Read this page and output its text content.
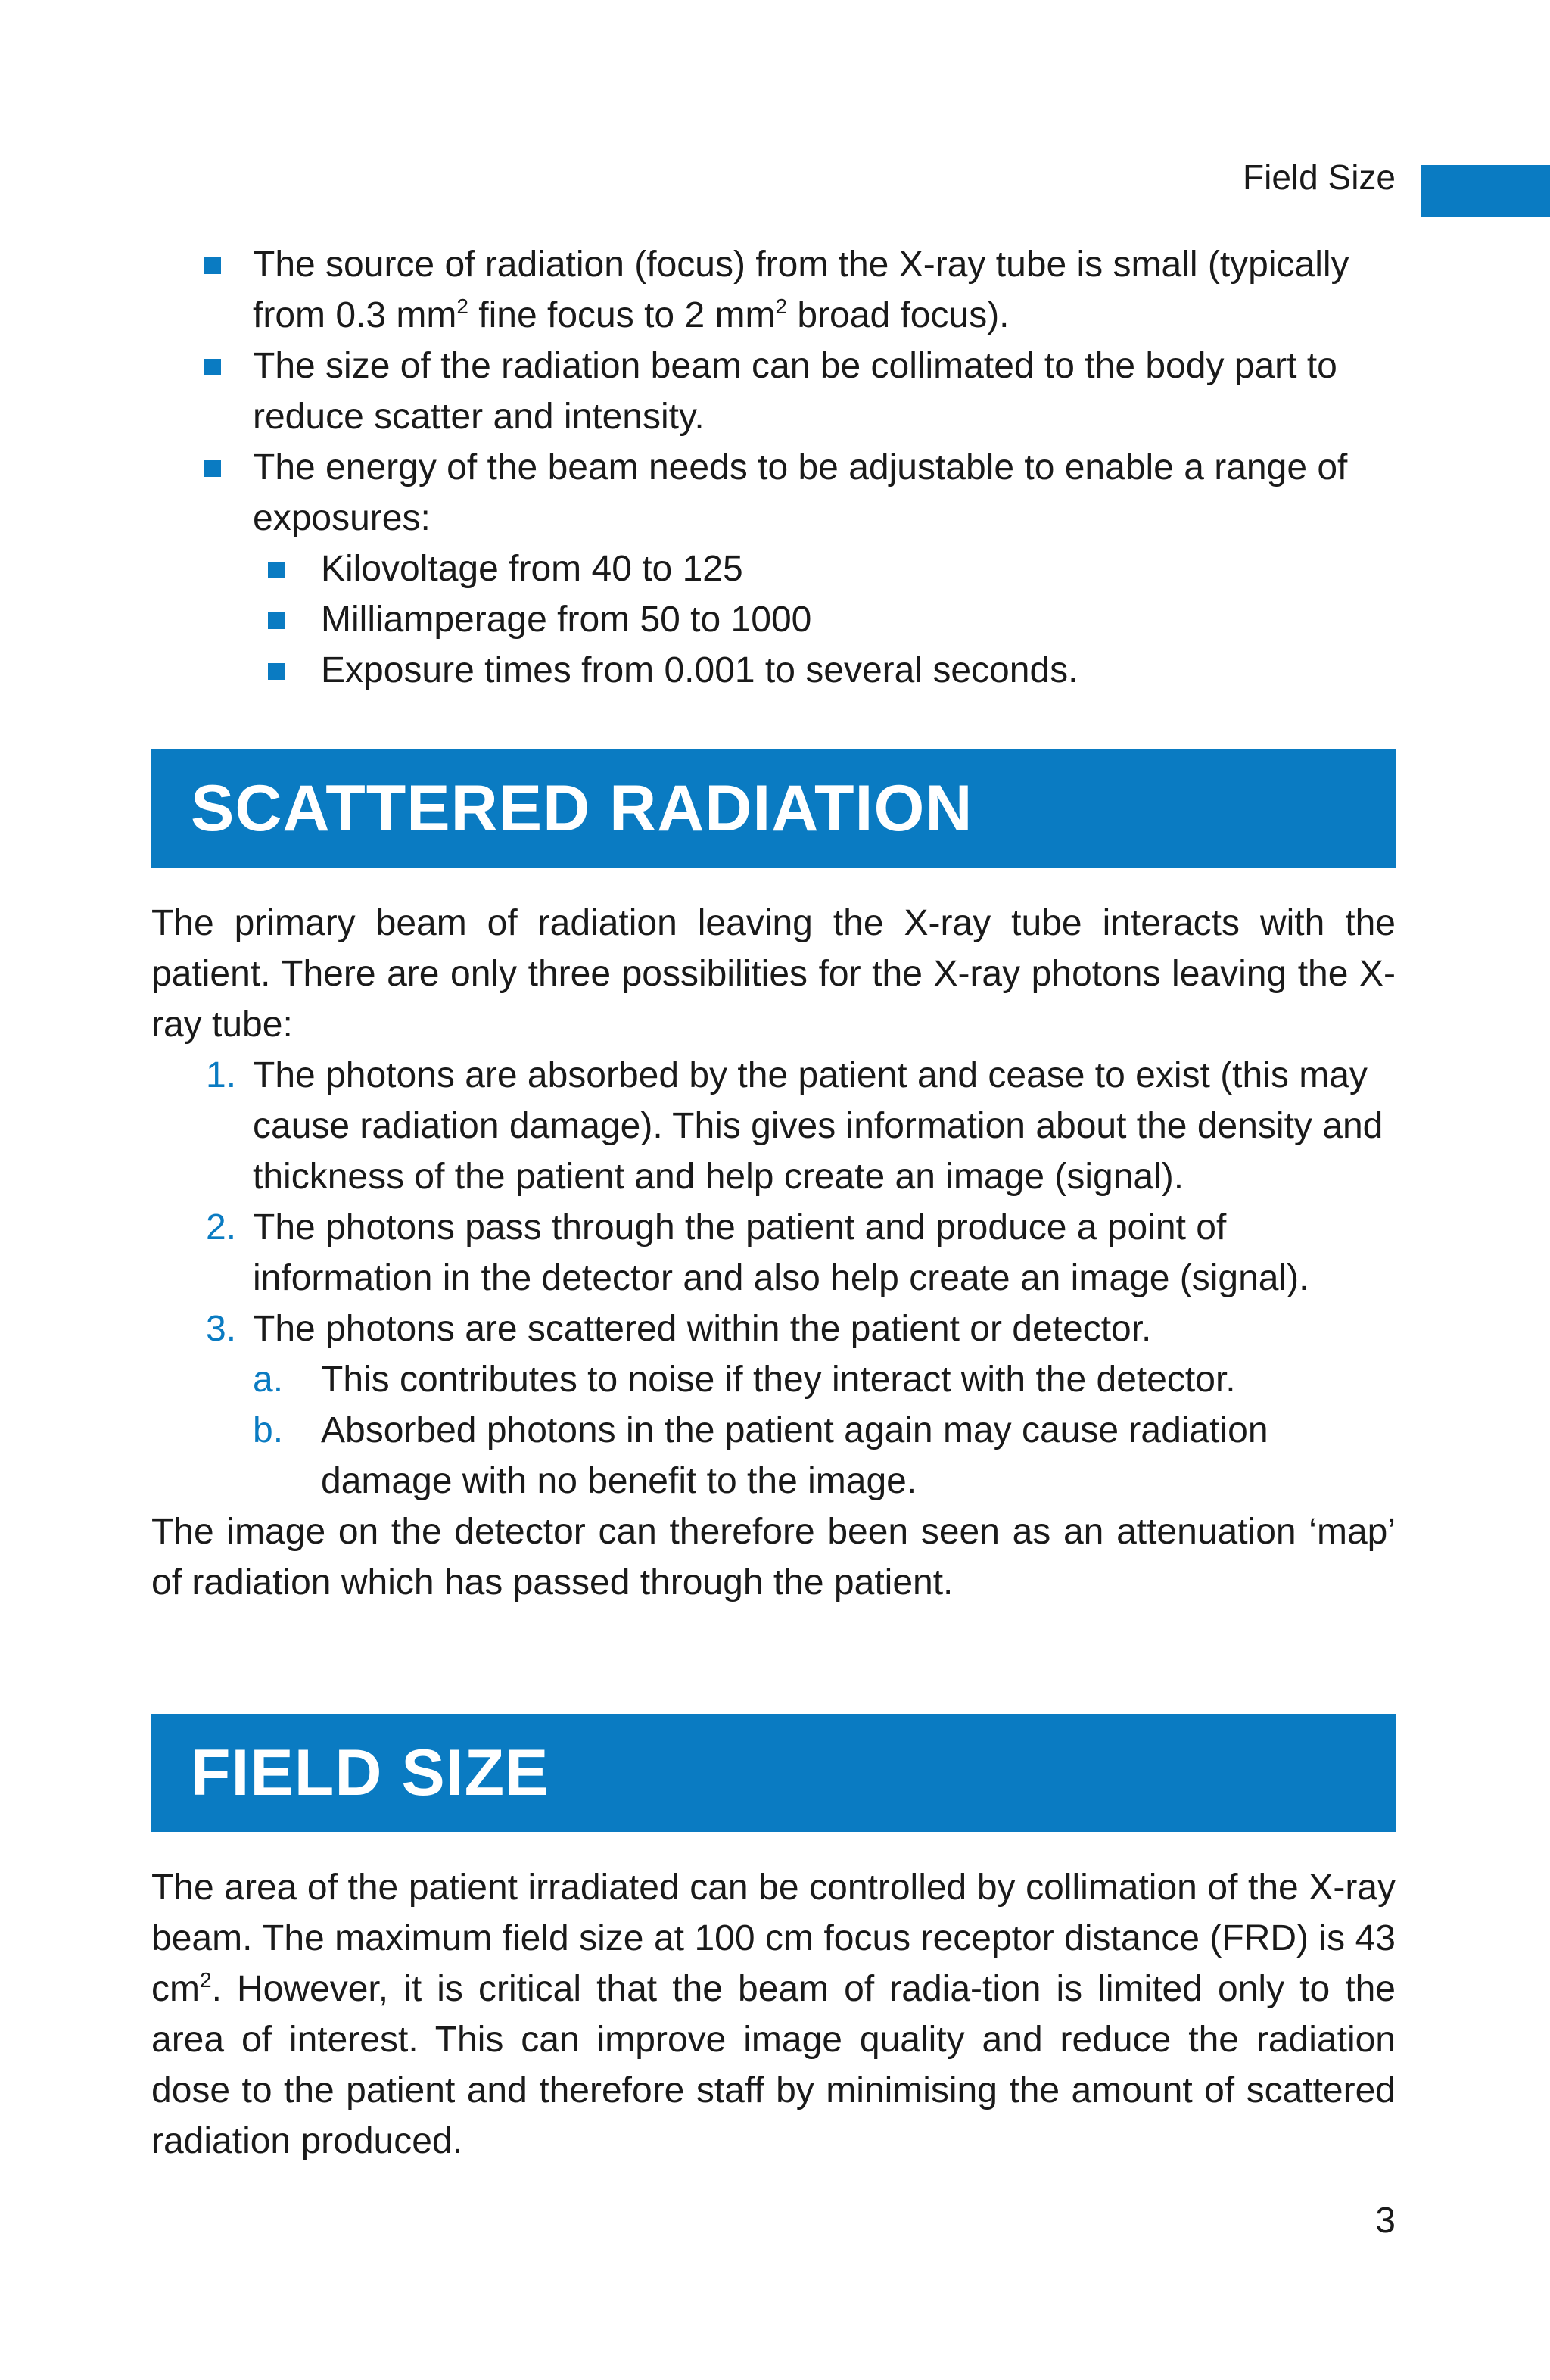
Field Size
The source of radiation (focus) from the X-ray tube is small (typically from 0.3 $mm^2$ fine focus to 2 $mm^2$ broad focus).
The size of the radiation beam can be collimated to the body part to reduce scatter and intensity.
The energy of the beam needs to be adjustable to enable a range of exposures:
Kilovoltage from 40 to 125
Milliamperage from 50 to 1000
Exposure times from 0.001 to several seconds.
SCATTERED RADIATION

The primary beam of radiation leaving the X-ray tube interacts with the patient. There are only three possibilities for the X-ray photons leaving the X-ray tube:

1. The photons are absorbed by the patient and cease to exist (this may cause radiation damage). This gives information about the density and thickness of the patient and help create an image (signal).
2. The photons pass through the patient and produce a point of information in the detector and also help create an image (signal).
3. The photons are scattered within the patient or detector.
a. This contributes to noise if they interact with the detector.
b. Absorbed photons in the patient again may cause radiation damage with no benefit to the image.

The image on the detector can therefore been seen as an attenuation ‘map’ of radiation which has passed through the patient.

FIELD SIZE

The area of the patient irradiated can be controlled by collimation of the X-ray beam. The maximum field size at 100 cm focus receptor distance (FRD) is 43 $cm^2$. However, it is critical that the beam of radia-tion is limited only to the area of interest. This can improve image quality and reduce the radiation dose to the patient and therefore staff by minimising the amount of scattered radiation produced.

3
